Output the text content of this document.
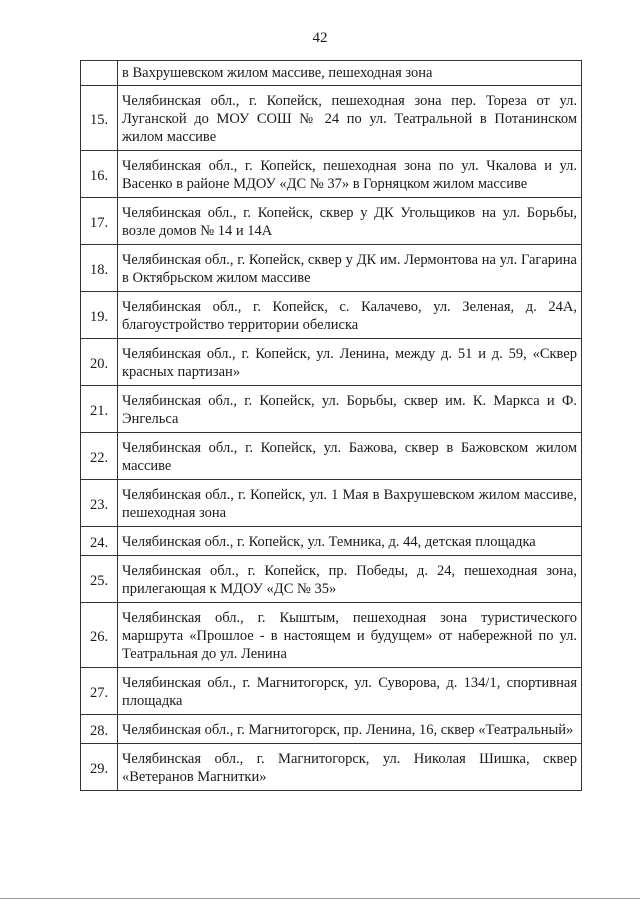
42
	в Вахрушевском жилом массиве, пешеходная зона
15.	Челябинская обл., г. Копейск, пешеходная зона пер. Тореза от ул. Луганской до МОУ СОШ № 24 по ул. Театральной в Потанинском жилом массиве
16.	Челябинская обл., г. Копейск, пешеходная зона по ул. Чкалова и ул. Васенко в районе МДОУ «ДС № 37» в Горняцком жилом массиве
17.	Челябинская обл., г. Копейск, сквер у ДК Угольщиков на ул. Борьбы, возле домов № 14 и 14А
18.	Челябинская обл., г. Копейск, сквер у ДК им. Лермонтова на ул. Гагарина в Октябрьском жилом массиве
19.	Челябинская обл., г. Копейск, с. Калачево, ул. Зеленая, д. 24А, благоустройство территории обелиска
20.	Челябинская обл., г. Копейск, ул. Ленина, между д. 51 и д. 59, «Сквер красных партизан»
21.	Челябинская обл., г. Копейск, ул. Борьбы, сквер им. К. Маркса и Ф. Энгельса
22.	Челябинская обл., г. Копейск, ул. Бажова, сквер в Бажовском жилом массиве
23.	Челябинская обл., г. Копейск, ул. 1 Мая в Вахрушевском жилом массиве, пешеходная зона
24.	Челябинская обл., г. Копейск, ул. Темника, д. 44, детская площадка
25.	Челябинская обл., г. Копейск, пр. Победы, д. 24, пешеходная зона, прилегающая к МДОУ «ДС № 35»
26.	Челябинская обл., г. Кыштым, пешеходная зона туристического маршрута «Прошлое - в настоящем и будущем» от набережной по ул. Театральная до ул. Ленина
27.	Челябинская обл., г. Магнитогорск, ул. Суворова, д. 134/1, спортивная площадка
28.	Челябинская обл., г. Магнитогорск, пр. Ленина, 16, сквер «Театральный»
29.	Челябинская обл., г. Магнитогорск, ул. Николая Шишка, сквер «Ветеранов Магнитки»
